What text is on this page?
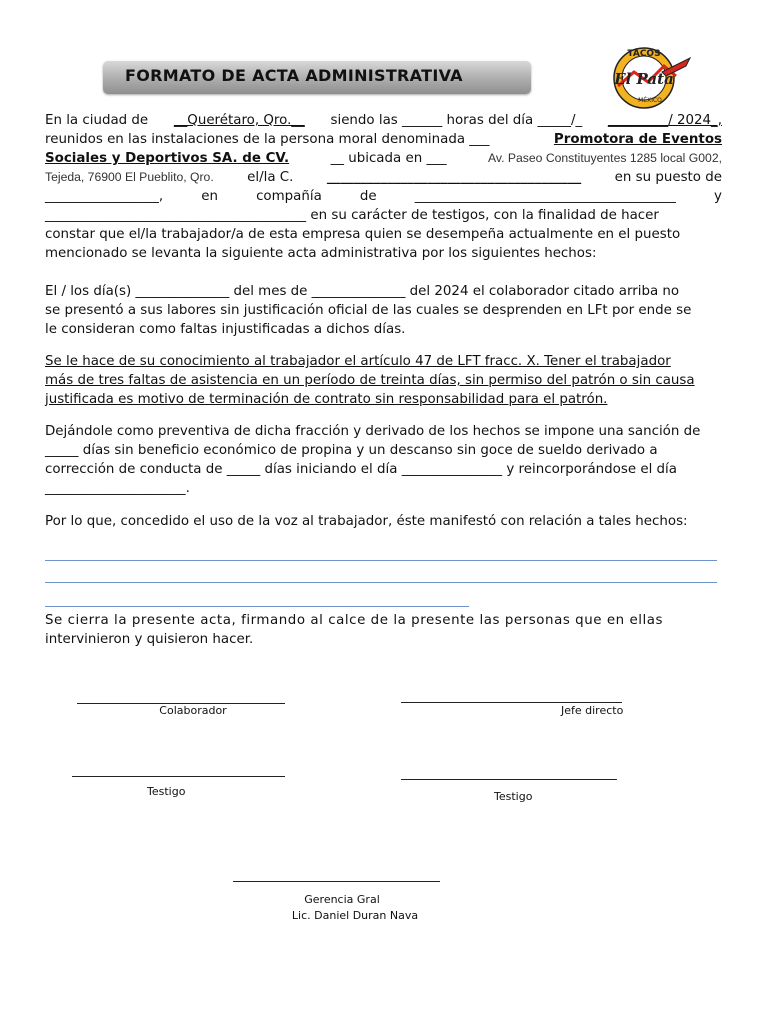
FORMATO DE ACTA ADMINISTRATIVA
TACOS
El Pata
MÉXICO
En la ciudad de __Querétaro, Qro.__ siendo las ______ horas del día _____/_ _________/ 2024_,
reunidos en las instalaciones de la persona moral denominada ___	Promotora de Eventos
Sociales y Deportivos SA. de CV.	__ ubicada en ___	Av. Paseo Constituyentes 1285 local G002,
Tejeda, 76900 El Pueblito, Qro. el/la C. ______________________________________ en su puesto de
_________________,	en	compañía	de	_______________________________________	y
_______________________________________ en su carácter de testigos, con la finalidad de hacer
constar que el/la trabajador/a de esta empresa quien se desempeña actualmente en el puesto
mencionado se levanta la siguiente acta administrativa por los siguientes hechos:
El / los día(s) ______________ del mes de ______________ del 2024 el colaborador citado arriba no
se presentó a sus labores sin justificación oficial de las cuales se desprenden en LFt por ende se
le consideran como faltas injustificadas a dichos días.
Se le hace de su conocimiento al trabajador el artículo 47 de LFT fracc. X. Tener el trabajador
más de tres faltas de asistencia en un período de treinta días, sin permiso del patrón o sin causa
justificada es motivo de terminación de contrato sin responsabilidad para el patrón.
Dejándole como preventiva de dicha fracción y derivado de los hechos se impone una sanción de
_____ días sin beneficio económico de propina y un descanso sin goce de sueldo derivado a
corrección de conducta de _____ días iniciando el día _______________ y reincorporándose el día
_____________________.
Por lo que, concedido el uso de la voz al trabajador, éste manifestó con relación a tales hechos:
Se cierra la presente acta, firmando al calce de la presente las personas que en ellas
intervinieron y quisieron hacer.
Colaborador	Jefe directo
Testigo	Testigo
Gerencia Gral
Lic. Daniel Duran Nava
